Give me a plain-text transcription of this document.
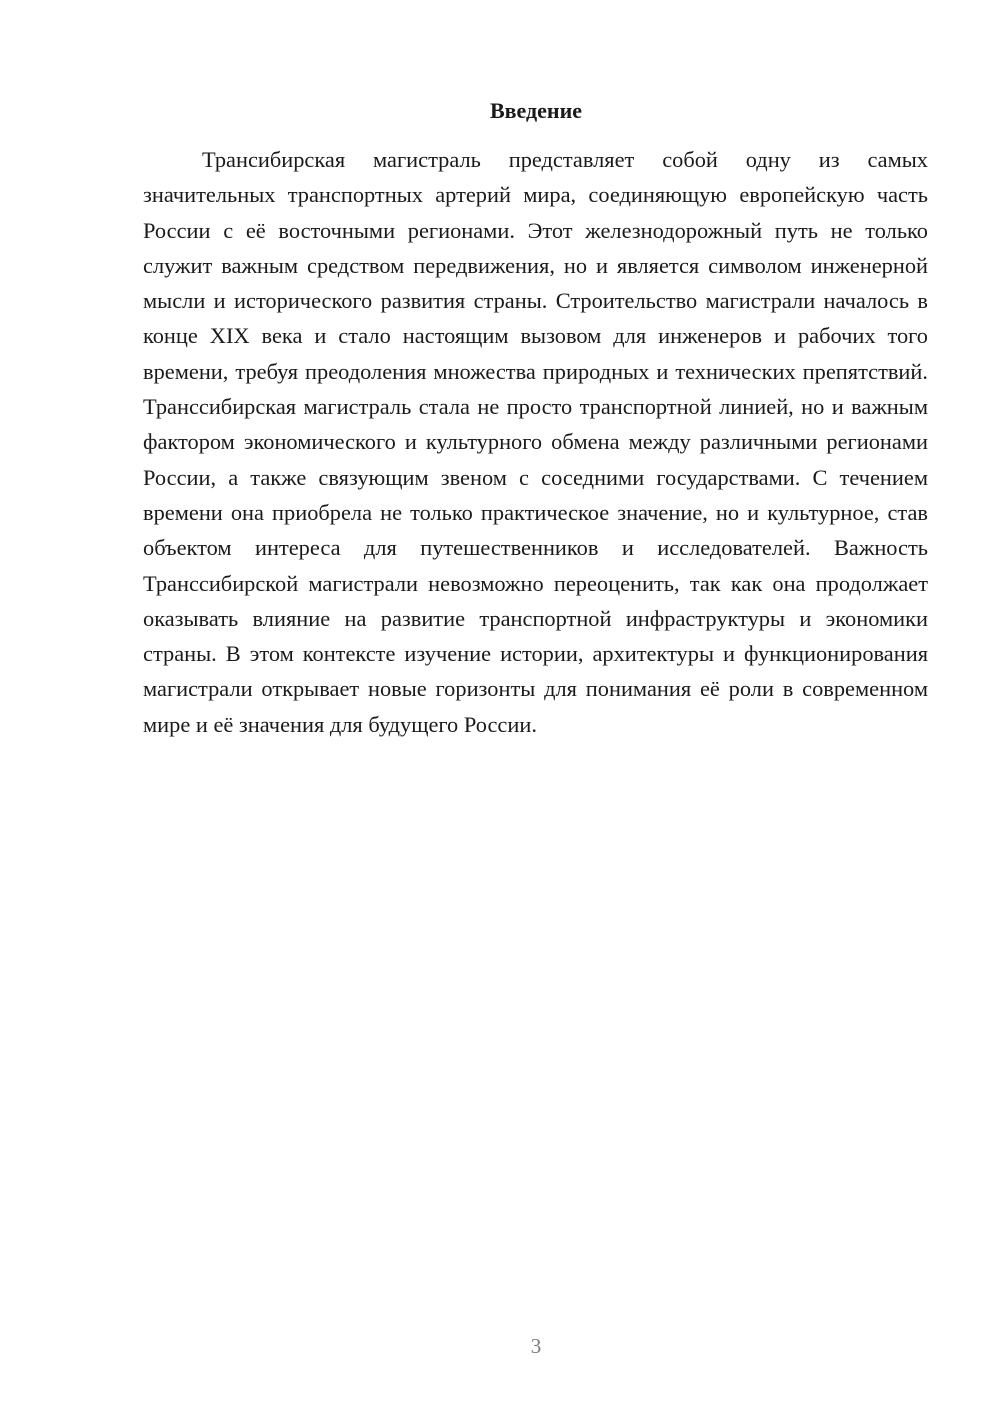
Введение

Трансибирская магистраль представляет собой одну из самых значительных транспортных артерий мира, соединяющую европейскую часть России с её восточными регионами. Этот железнодорожный путь не только служит важным средством передвижения, но и является символом инженерной мысли и исторического развития страны. Строительство магистрали началось в конце XIX века и стало настоящим вызовом для инженеров и рабочих того времени, требуя преодоления множества природных и технических препятствий. Транссибирская магистраль стала не просто транспортной линией, но и важным фактором экономического и культурного обмена между различными регионами России, а также связующим звеном с соседними государствами. С течением времени она приобрела не только практическое значение, но и культурное, став объектом интереса для путешественников и исследователей. Важность Транссибирской магистрали невозможно переоценить, так как она продолжает оказывать влияние на развитие транспортной инфраструктуры и экономики страны. В этом контексте изучение истории, архитектуры и функционирования магистрали открывает новые горизонты для понимания её роли в современном мире и её значения для будущего России.

3
